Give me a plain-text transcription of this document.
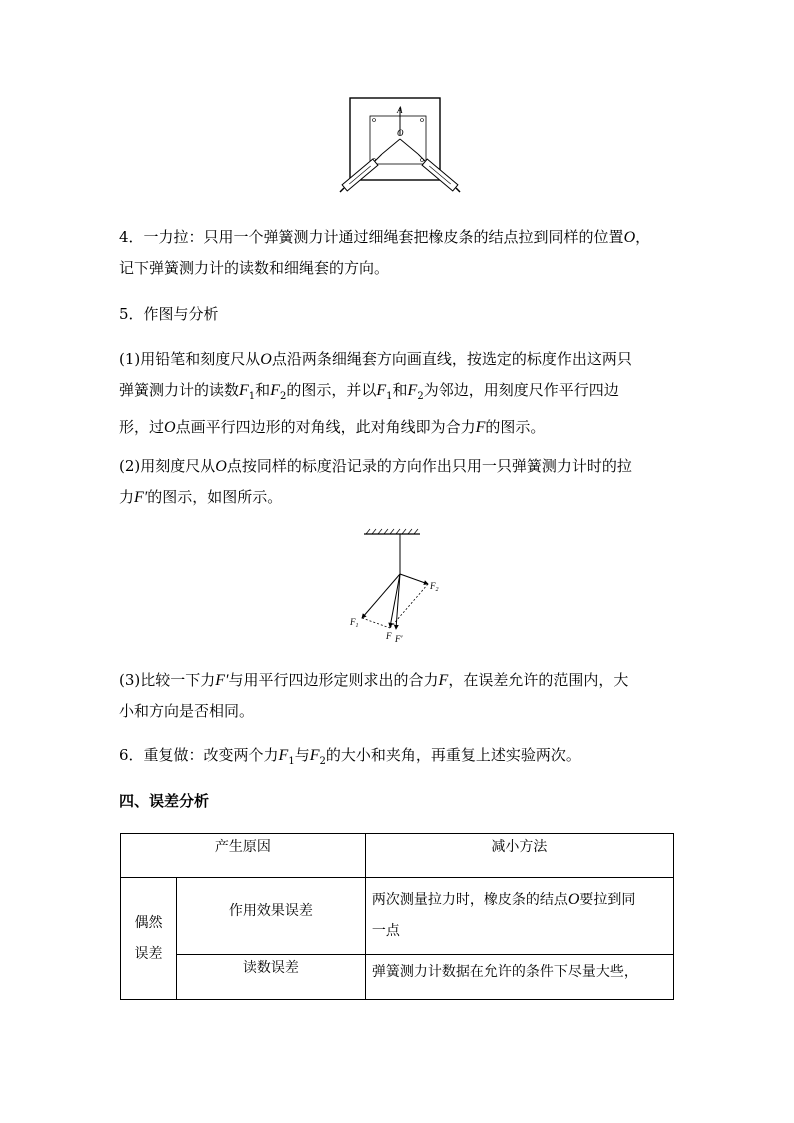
A
O
4．一力拉：只用一个弹簧测力计通过细绳套把橡皮条的结点拉到同样的位置O，
记下弹簧测力计的读数和细绳套的方向。
5．作图与分析
(1)用铅笔和刻度尺从O点沿两条细绳套方向画直线，按选定的标度作出这两只
弹簧测力计的读数$F_1$和$F_2$的图示，并以$F_1$和$F_2$为邻边，用刻度尺作平行四边
形，过O点画平行四边形的对角线，此对角线即为合力F的图示。
(2)用刻度尺从O点按同样的标度沿记录的方向作出只用一只弹簧测力计时的拉
力F′的图示，如图所示。
$F_1$
$F_2$
F F′
(3)比较一下力F′与用平行四边形定则求出的合力F，在误差允许的范围内，大
小和方向是否相同。
6．重复做：改变两个力$F_1$与$F_2$的大小和夹角，再重复上述实验两次。
四、误差分析
产生原因		减小方法
偶然
误差	作用效果误差	两次测量拉力时，橡皮条的结点O要拉到同
一点
	读数误差	弹簧测力计数据在允许的条件下尽量大些，
